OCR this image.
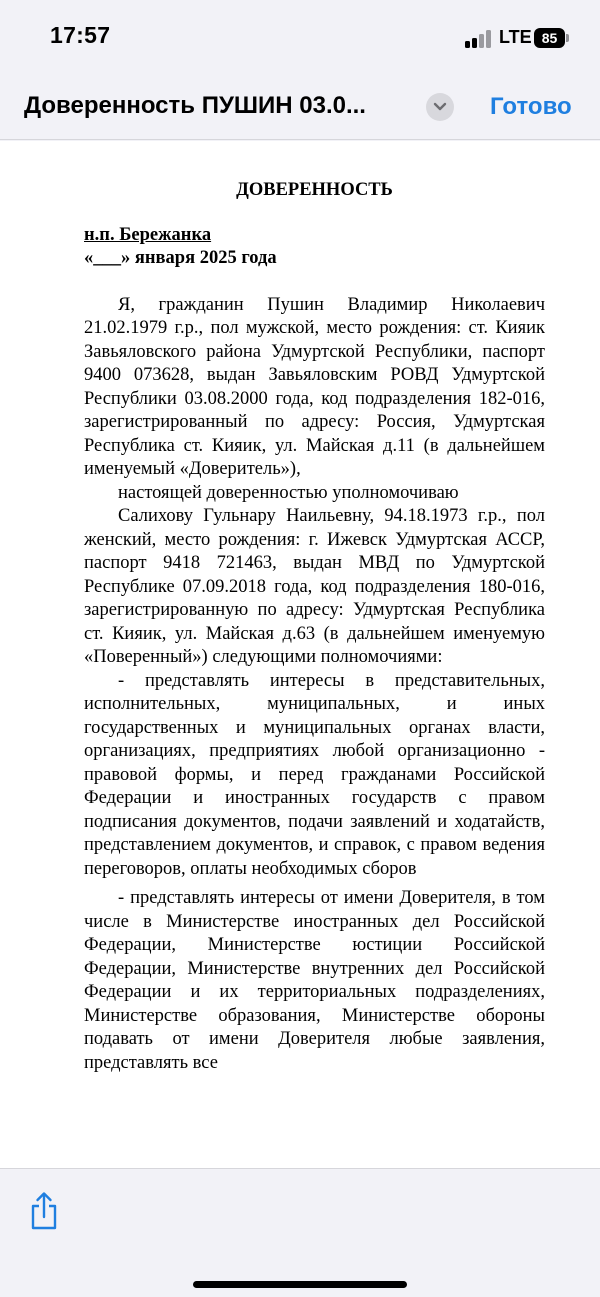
17:57	LTE 85
Доверенность ПУШИН 03.0...	Готово
ДОВЕРЕННОСТЬ
н.п. Бережанка
«___» января 2025 года

Я, гражданин Пушин Владимир Николаевич 21.02.1979 г.р., пол мужской, место рождения: ст. Кияик Завьяловского района Удмуртской Республики, паспорт 9400 073628, выдан Завьяловским РОВД Удмуртской Республики 03.08.2000 года, код подразделения 182-016, зарегистрированный по адресу: Россия, Удмуртская Республика ст. Кияик, ул. Майская д.11 (в дальнейшем именуемый «Доверитель»),

настоящей доверенностью уполномочиваю

Салихову Гульнару Наильевну, 94.18.1973 г.р., пол женский, место рождения: г. Ижевск Удмуртская АССР, паспорт 9418 721463, выдан МВД по Удмуртской Республике 07.09.2018 года, код подразделения 180-016, зарегистрированную по адресу: Удмуртская Республика ст. Кияик, ул. Майская д.63 (в дальнейшем именуемую «Поверенный») следующими полномочиями:

- представлять интересы в представительных, исполнительных, муниципальных, и иных государственных и муниципальных органах власти, организациях, предприятиях любой организационно - правовой формы, и перед гражданами Российской Федерации и иностранных государств с правом подписания документов, подачи заявлений и ходатайств, представлением документов, и справок, с правом ведения переговоров, оплаты необходимых сборов

- представлять интересы от имени Доверителя, в том числе в Министерстве иностранных дел Российской Федерации, Министерстве юстиции Российской Федерации, Министерстве внутренних дел Российской Федерации и их территориальных подразделениях, Министерстве образования, Министерстве обороны подавать от имени Доверителя любые заявления, представлять все
